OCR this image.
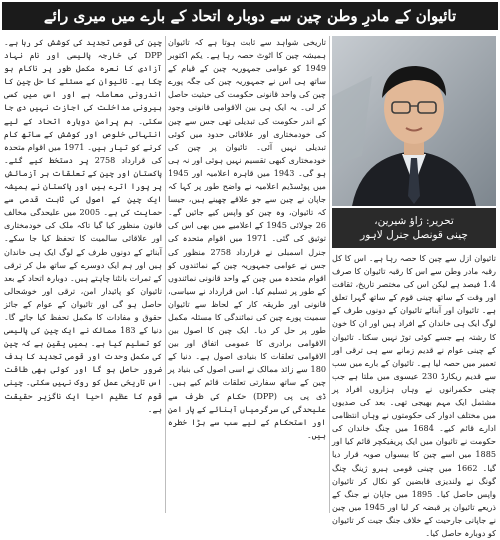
تائیوان کے مادرِ وطن چین سے دوبارہ اتحاد کے بارے میں میری رائے
تحریر: ژاؤ شیرین،
چینی قونصل جنرل لاہور

تائیوان ازل سے چین کا حصہ رہا ہے۔ اس کا کل رقبہ مادر وطن سے اس کا رقبہ تائیوان کا صرف 1.4 فیصد ہے لیکن اس کی مختصر تاریخ، ثقافت اور وقت کے ساتھ چینی قوم کے ساتھ گہرا تعلق ہے۔ تائیوان اور آبنائے تائیوان کے دونوں طرف کے لوگ ایک ہی خاندان کے افراد ہیں اور ان کا خون کا رشتہ ہے جسے کوئی توڑ نہیں سکتا۔ تائیوان کے چینی عوام نے قدیم زمانے سے ہی ترقی اور تعمیر میں حصہ لیا ہے۔ تائیوان کے بارے میں سب سے قدیم ریکارڈ 230 عیسوی میں ملتا ہے جب چینی حکمرانوں نے وہاں ہزاروں افراد پر مشتمل ایک مہم بھیجی تھی۔ بعد کی صدیوں میں مختلف ادوار کی حکومتوں نے وہاں انتظامی ادارے قائم کیے۔ 1684 میں چنگ خاندان کی حکومت نے تائیوان میں ایک پریفیکچر قائم کیا اور 1885 میں اسے چین کا بیسواں صوبہ قرار دیا گیا۔ 1662 میں چینی قومی ہیرو ژینگ چنگ گونگ نے ولندیزی قابضین کو نکال کر تائیوان واپس حاصل کیا۔ 1895 میں جاپان نے جنگ کے ذریعے تائیوان پر قبضہ کر لیا اور 1945 میں چین نے جاپانی جارحیت کے خلاف جنگ جیت کر تائیوان کو دوبارہ حاصل کیا۔

تاریخی شواہد سے ثابت ہوتا ہے کہ تائیوان ہمیشہ چین کا اٹوٹ حصہ رہا ہے۔ یکم اکتوبر 1949 کو عوامی جمہوریہ چین کے قیام کے ساتھ ہی اس نے جمہوریہ چین کی جگہ پورے چین کی واحد قانونی حکومت کی حیثیت حاصل کر لی۔ یہ ایک ہی بین الاقوامی قانونی وجود کے اندر حکومت کی تبدیلی تھی جس سے چین کی خودمختاری اور علاقائی حدود میں کوئی تبدیلی نہیں آئی۔ تائیوان پر چین کی خودمختاری کبھی تقسیم نہیں ہوئی اور نہ ہی ہو گی۔ 1943 میں قاہرہ اعلامیہ اور 1945 میں پوٹسڈیم اعلامیہ نے واضح طور پر کہا کہ جاپان نے چین سے جو علاقے چھینے ہیں، جیسا کہ تائیوان، وہ چین کو واپس کیے جائیں گے۔ 26 جولائی 1945 کے اعلامیے میں بھی اس کی توثیق کی گئی۔ 1971 میں اقوام متحدہ کی جنرل اسمبلی نے قرارداد 2758 منظور کی جس نے عوامی جمہوریہ چین کے نمائندوں کو اقوام متحدہ میں چین کے واحد قانونی نمائندوں کے طور پر تسلیم کیا۔ اس قرارداد نے سیاسی، قانونی اور طریقہ کار کے لحاظ سے تائیوان سمیت پورے چین کی نمائندگی کا مسئلہ مکمل طور پر حل کر دیا۔ ایک چین کا اصول بین الاقوامی برادری کا عمومی اتفاق اور بین الاقوامی تعلقات کا بنیادی اصول ہے۔ دنیا کے 180 سے زائد ممالک نے اسی اصول کی بنیاد پر چین کے ساتھ سفارتی تعلقات قائم کیے ہیں۔ ڈی پی پی (DPP) حکام کی طرف سے علیحدگی کی سرگرمیاں آبنائے کے پار امن اور استحکام کے لیے سب سے بڑا خطرہ ہیں۔

چین کی قومی تجدید کی کوشش کر رہا ہے۔ DPP کی خارجہ پالیسی اور نام نہاد آزادی کا نعرہ مکمل طور پر ناکام ہو چکا ہے۔ تائیوان کے مسئلے کا حل چین کا اندرونی معاملہ ہے اور اس میں کسی بیرونی مداخلت کی اجازت نہیں دی جا سکتی۔ ہم پرامن دوبارہ اتحاد کے لیے انتہائی خلوص اور کوشش کے ساتھ کام کرنے کو تیار ہیں۔ 1971 میں اقوام متحدہ کی قرارداد 2758 پر دستخط کیے گئے۔ پاکستان اور چین کے تعلقات ہر آزمائش پر پورا اترے ہیں اور پاکستان نے ہمیشہ ایک چین کے اصول کی ثابت قدمی سے حمایت کی ہے۔ 2005 میں علیحدگی مخالف قانون منظور کیا گیا تاکہ ملک کی خودمختاری اور علاقائی سالمیت کا تحفظ کیا جا سکے۔ آبنائے کے دونوں طرف کے لوگ ایک ہی خاندان ہیں اور ہم ایک دوسرے کے ساتھ مل کر ترقی کے ثمرات بانٹنا چاہتے ہیں۔ دوبارہ اتحاد کے بعد تائیوان کو پائیدار امن، ترقی اور خوشحالی حاصل ہو گی اور تائیوان کے عوام کے جائز حقوق و مفادات کا مکمل تحفظ کیا جائے گا۔ دنیا کے 183 ممالک نے ایک چین کی پالیسی کو تسلیم کیا ہے۔ ہمیں یقین ہے کہ چین کی مکمل وحدت اور قومی تجدید کا ہدف ضرور حاصل ہو گا اور کوئی بھی طاقت اس تاریخی عمل کو روک نہیں سکتی۔ چینی قوم کا عظیم احیا ایک ناگزیر حقیقت ہے۔
